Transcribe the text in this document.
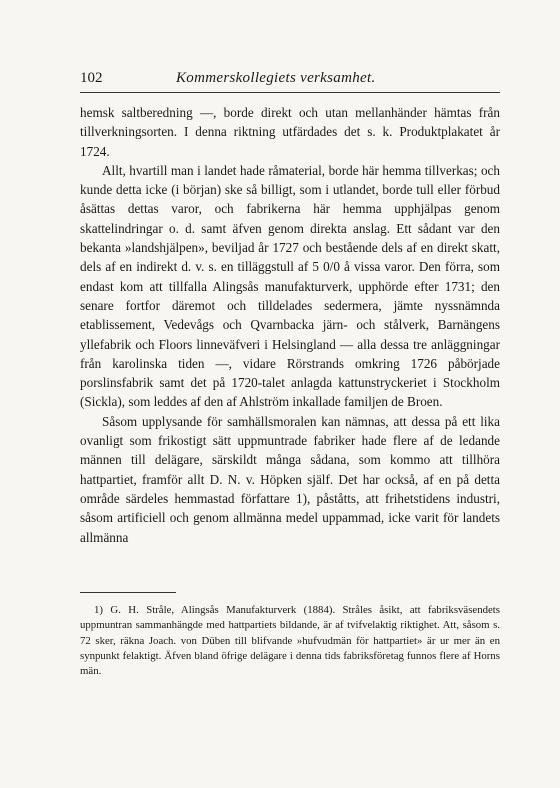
102	Kommerskollegiets verksamhet.

hemsk saltberedning —, borde direkt och utan mellanhänder hämtas från tillverkningsorten. I denna riktning utfärdades det s. k. Produktplakatet år 1724.

Allt, hvartill man i landet hade råmaterial, borde här hemma tillverkas; och kunde detta icke (i början) ske så billigt, som i utlandet, borde tull eller förbud åsättas dettas varor, och fabrikerna här hemma upphjälpas genom skattelindringar o. d. samt äfven genom direkta anslag. Ett sådant var den bekanta »landshjälpen», beviljad år 1727 och bestående dels af en direkt skatt, dels af en indirekt d. v. s. en tilläggstull af 5 0/0 å vissa varor. Den förra, som endast kom att tillfalla Alingsås manufakturverk, upphörde efter 1731; den senare fortfor däremot och tilldelades sedermera, jämte nyssnämnda etablissement, Vedevågs och Qvarnbacka järn- och stålverk, Barnängens yllefabrik och Floors linneväfveri i Helsingland — alla dessa tre anläggningar från karolinska tiden —, vidare Rörstrands omkring 1726 påbörjade porslinsfabrik samt det på 1720-talet anlagda kattunstryckeriet i Stockholm (Sickla), som leddes af den af Ahlström inkallade familjen de Broen.

Såsom upplysande för samhällsmoralen kan nämnas, att dessa på ett lika ovanligt som frikostigt sätt uppmuntrade fabriker hade flere af de ledande männen till delägare, särskildt många sådana, som kommo att tillhöra hattpartiet, framför allt D. N. v. Höpken själf. Det har också, af en på detta område särdeles hemmastad författare 1), påståtts, att frihetstidens industri, såsom artificiell och genom allmänna medel uppammad, icke varit för landets allmänna

1) G. H. Stråle, Alingsås Manufakturverk (1884). Stråles åsikt, att fabriksväsendets uppmuntran sammanhängde med hattpartiets bildande, är af tvifvelaktig riktighet. Att, såsom s. 72 sker, räkna Joach. von Düben till blifvande »hufvudmän för hattpartiet» är ur mer än en synpunkt felaktigt. Äfven bland öfrige delägare i denna tids fabriksföretag funnos flere af Horns män.
